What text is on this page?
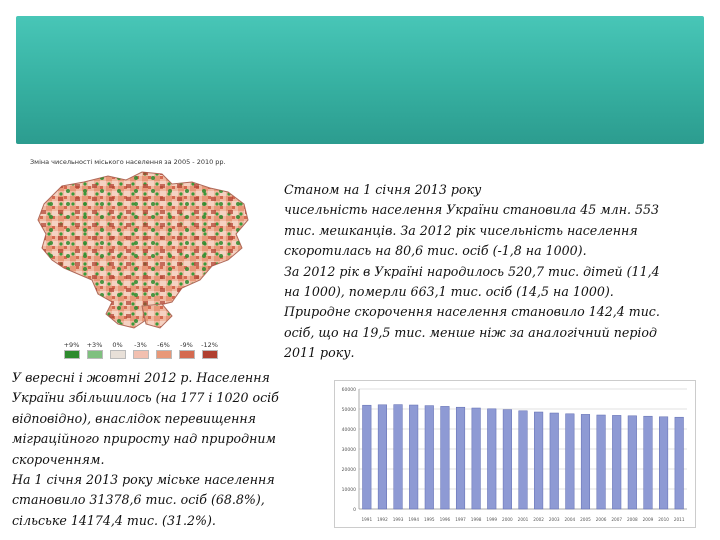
Зміна чисельності міського населення за 2005 - 2010 рр.
+9% +3% 0% -3% -6% -9% -12%
Станом на 1 січня 2013 року
чисельність населення України становила 45 млн. 553
тис. мешканців. За 2012 рік чисельність населення
скоротилась на 80,6 тис. осіб (-1,8 на 1000).
За 2012 рік в Україні народилось 520,7 тис. дітей (11,4
на 1000), померли 663,1 тис. осіб (14,5 на 1000).
Природне скорочення населення становило 142,4 тис.
осіб, що на 19,5 тис. менше ніж за аналогічний період
2011 року.
У вересні і жовтні 2012 р. Населення
України збільшилось (на 177 і 1020 осіб
відповідно), внаслідок перевищення
міграційного приросту над природним
скороченням.
На 1 січня 2013 року міське населення
становило 31378,6 тис. осіб (68.8%),
сільське 14174,4 тис. (31.2%).
0
10000
20000
30000
40000
50000
60000
1991 1992 1993 1994 1995 1996 1997 1998 1999 2000 2001 2002 2003 2004 2005 2006 2007 2008 2009 2010 2011
